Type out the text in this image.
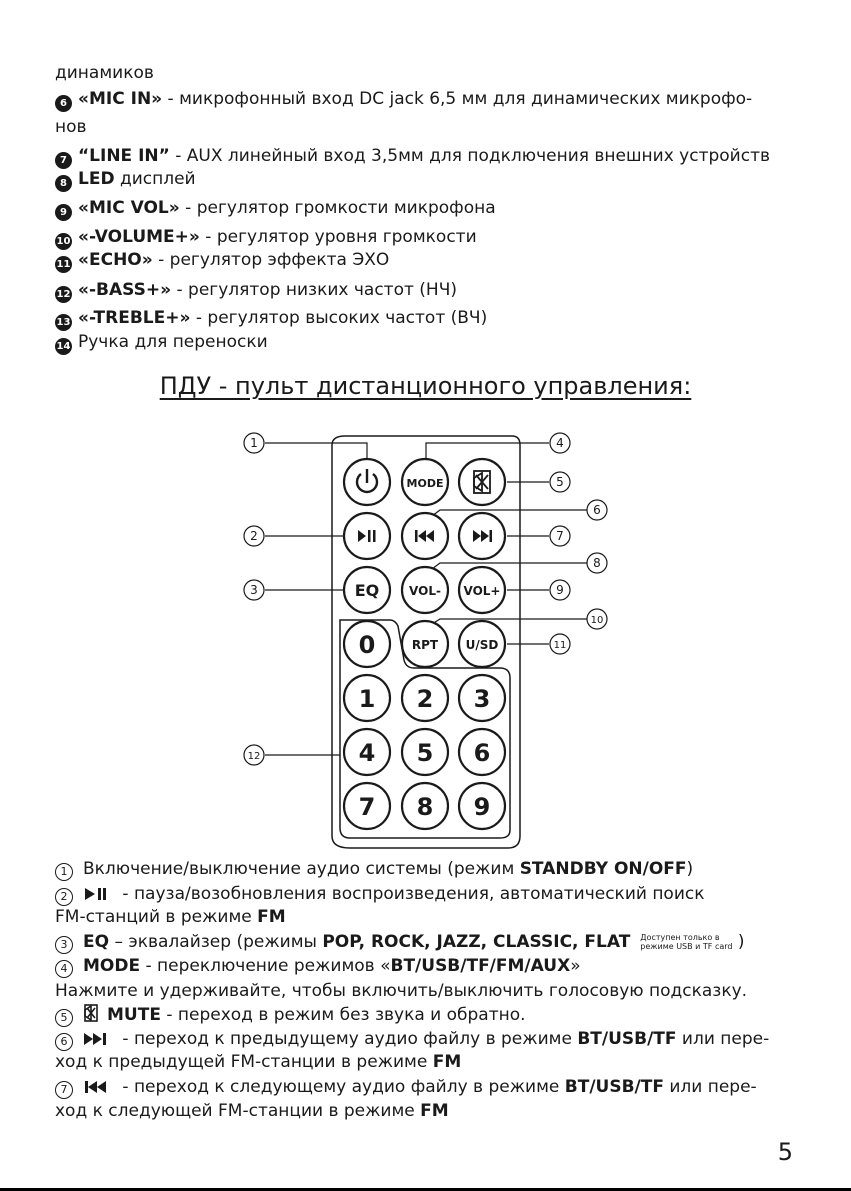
динамиков
6 «MIC IN» - микрофонный вход DC jack 6,5 мм для динамических микрофо-
нов
7 “LINE IN” - AUX линейный вход 3,5мм для подключения внешних устройств
8 LED дисплей
9 «MIC VOL» - регулятор громкости микрофона
10 «-VOLUME+» - регулятор уровня громкости
11 «ECHO» - регулятор эффекта ЭХО
12 «-BASS+» - регулятор низких частот (НЧ)
13 «-TREBLE+» - регулятор высоких частот (ВЧ)
14 Ручка для переноски
ПДУ - пульт дистанционного управления:
1
2
3
4
5
6
7
8
9
10
11
12
MODE
EQ VOL- VOL+
RPT U/SD
0
1 2 3
4 5 6
7 8 9
1 Включение/выключение аудио системы (режим STANDBY ON/OFF)
2	- пауза/возобновления воспроизведения, автоматический поиск
FM-станций в режиме FM
3 EQ – эквалайзер (режимы POP, ROCK, JAZZ, CLASSIC, FLAT Доступен только в
режиме USB и TF card )
4 MODE - переключение режимов «BT/USB/TF/FM/AUX»
Нажмите и удерживайте, чтобы включить/выключить голосовую подсказку.
5 MUTE - переход в режим без звука и обратно.
6	- переход к предыдущему аудио файлу в режиме BT/USB/TF или пере-
ход к предыдущей FM-станции в режиме FM
7	- переход к следующему аудио файлу в режиме BT/USB/TF или пере-
ход к следующей FM-станции в режиме FM
5
